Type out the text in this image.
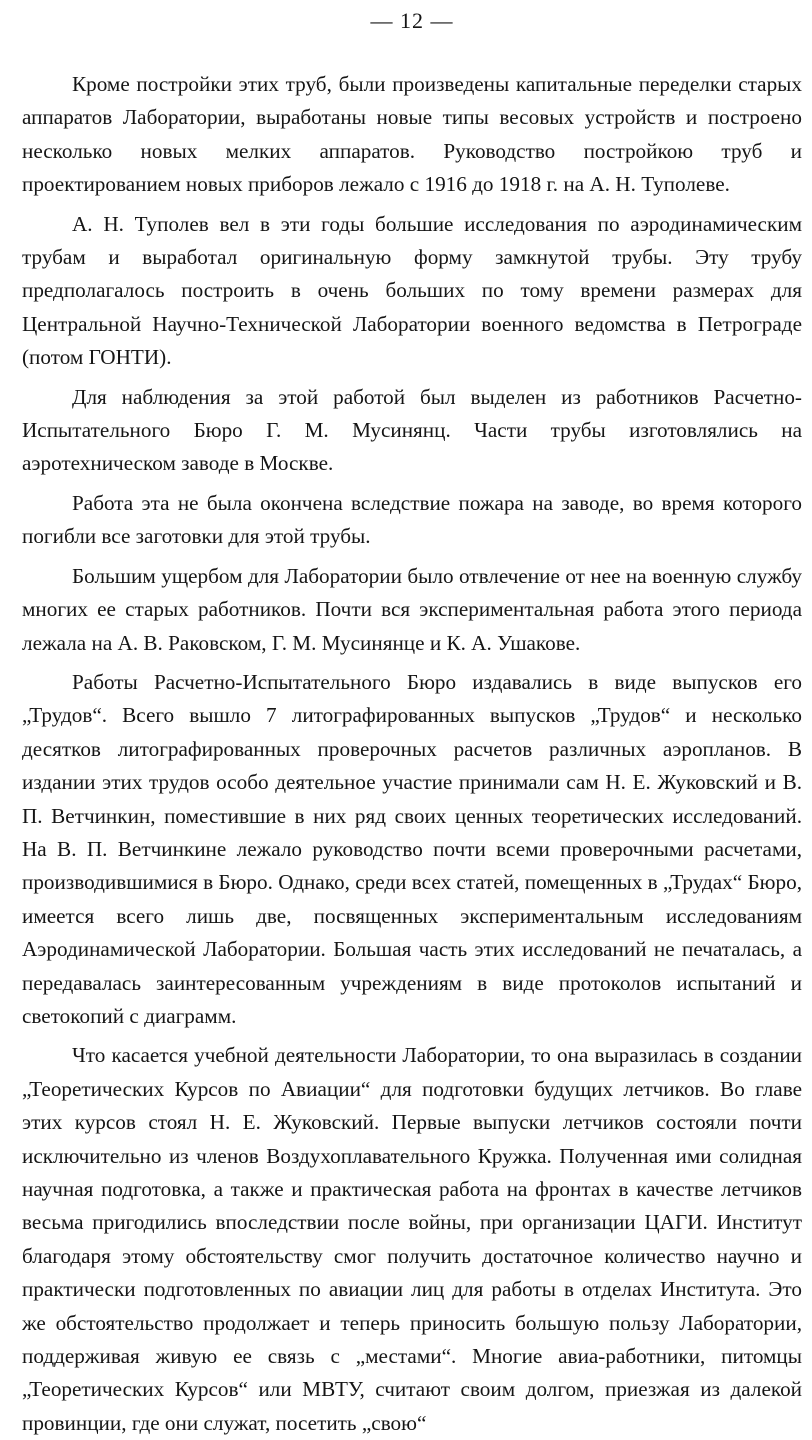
— 12 —

Кроме постройки этих труб, были произведены капитальные переделки старых аппаратов Лаборатории, выработаны новые типы весовых устройств и построено несколько новых мелких аппаратов. Руководство постройкою труб и проектированием новых приборов лежало с 1916 до 1918 г. на А. Н. Туполеве.

А. Н. Туполев вел в эти годы большие исследования по аэродинамическим трубам и выработал оригинальную форму замкнутой трубы. Эту трубу предполагалось построить в очень больших по тому времени размерах для Центральной Научно-Технической Лаборатории военного ведомства в Петрограде (потом ГОНТИ).

Для наблюдения за этой работой был выделен из работников Расчетно-Испытательного Бюро Г. М. Мусинянц. Части трубы изготовлялись на аэротехническом заводе в Москве.

Работа эта не была окончена вследствие пожара на заводе, во время которого погибли все заготовки для этой трубы.

Большим ущербом для Лаборатории было отвлечение от нее на военную службу многих ее старых работников. Почти вся экспериментальная работа этого периода лежала на А. В. Раковском, Г. М. Мусинянце и К. А. Ушакове.

Работы Расчетно-Испытательного Бюро издавались в виде выпусков его „Трудов“. Всего вышло 7 литографированных выпусков „Трудов“ и несколько десятков литографированных проверочных расчетов различных аэропланов. В издании этих трудов особо деятельное участие принимали сам Н. Е. Жуковский и В. П. Ветчинкин, поместившие в них ряд своих ценных теоретических исследований. На В. П. Ветчинкине лежало руководство почти всеми проверочными расчетами, производившимися в Бюро. Однако, среди всех статей, помещенных в „Трудах“ Бюро, имеется всего лишь две, посвященных экспериментальным исследованиям Аэродинамической Лаборатории. Большая часть этих исследований не печаталась, а передавалась заинтересованным учреждениям в виде протоколов испытаний и светокопий с диаграмм.

Что касается учебной деятельности Лаборатории, то она выразилась в создании „Теоретических Курсов по Авиации“ для подготовки будущих летчиков. Во главе этих курсов стоял Н. Е. Жуковский. Первые выпуски летчиков состояли почти исключительно из членов Воздухоплавательного Кружка. Полученная ими солидная научная подготовка, а также и практическая работа на фронтах в качестве летчиков весьма пригодились впоследствии после войны, при организации ЦАГИ. Институт благодаря этому обстоятельству смог получить достаточное количество научно и практически подготовленных по авиации лиц для работы в отделах Института. Это же обстоятельство продолжает и теперь приносить большую пользу Лаборатории, поддерживая живую ее связь с „местами“. Многие авиа-работники, питомцы „Теоретических Курсов“ или МВТУ, считают своим долгом, приезжая из далекой провинции, где они служат, посетить „свою“
